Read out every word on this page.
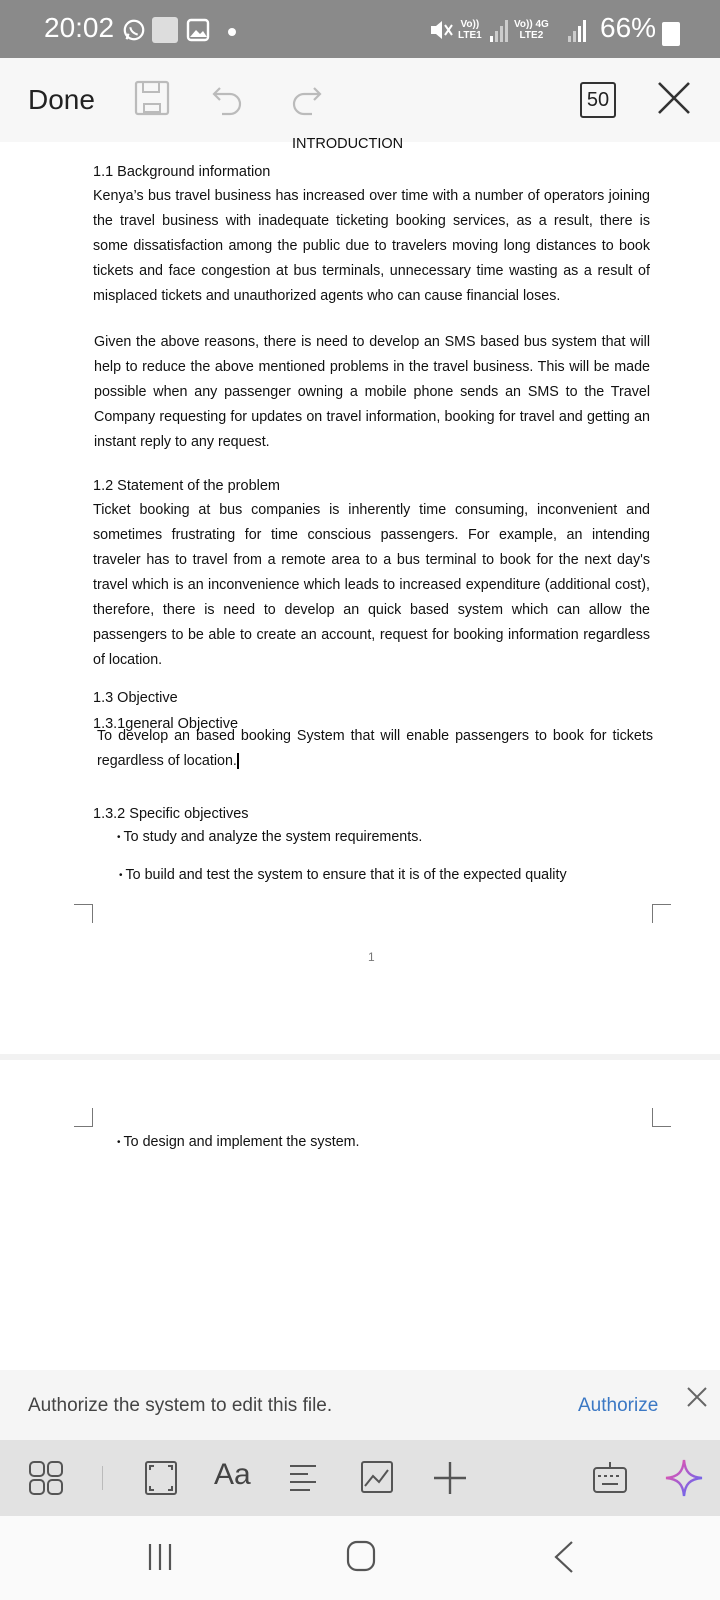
20:02	Vo))
LTE1
Vo)) 4G
LTE2 66%
Done	50
INTRODUCTION
1.1 Background information
Kenya’s bus travel business has increased over time with a number of operators joining the travel business with inadequate ticketing booking services, as a result, there is some dissatisfaction among the public due to travelers moving long distances to book tickets and face congestion at bus terminals, unnecessary time wasting as a result of misplaced tickets and unauthorized agents who can cause financial loses.
Given the above reasons, there is need to develop an SMS based bus system that will help to reduce the above mentioned problems in the travel business. This will be made possible when any passenger owning a mobile phone sends an SMS to the Travel Company requesting for updates on travel information, booking for travel and getting an instant reply to any request.
1.2 Statement of the problem
Ticket booking at bus companies is inherently time consuming, inconvenient and sometimes frustrating for time conscious passengers. For example, an intending traveler has to travel from a remote area to a bus terminal to book for the next day's travel which is an inconvenience which leads to increased expenditure (additional cost), therefore, there is need to develop an quick based system which can allow the passengers to be able to create an account, request for booking information regardless of location.
1.3 Objective
1.3.1general Objective
To develop an based booking System that will enable passengers to book for tickets regardless of location.
1.3.2 Specific objectives
• To study and analyze the system requirements.
• To build and test the system to ensure that it is of the expected quality
1
• To design and implement the system.
Authorize the system to edit this file.	Authorize
Aa
